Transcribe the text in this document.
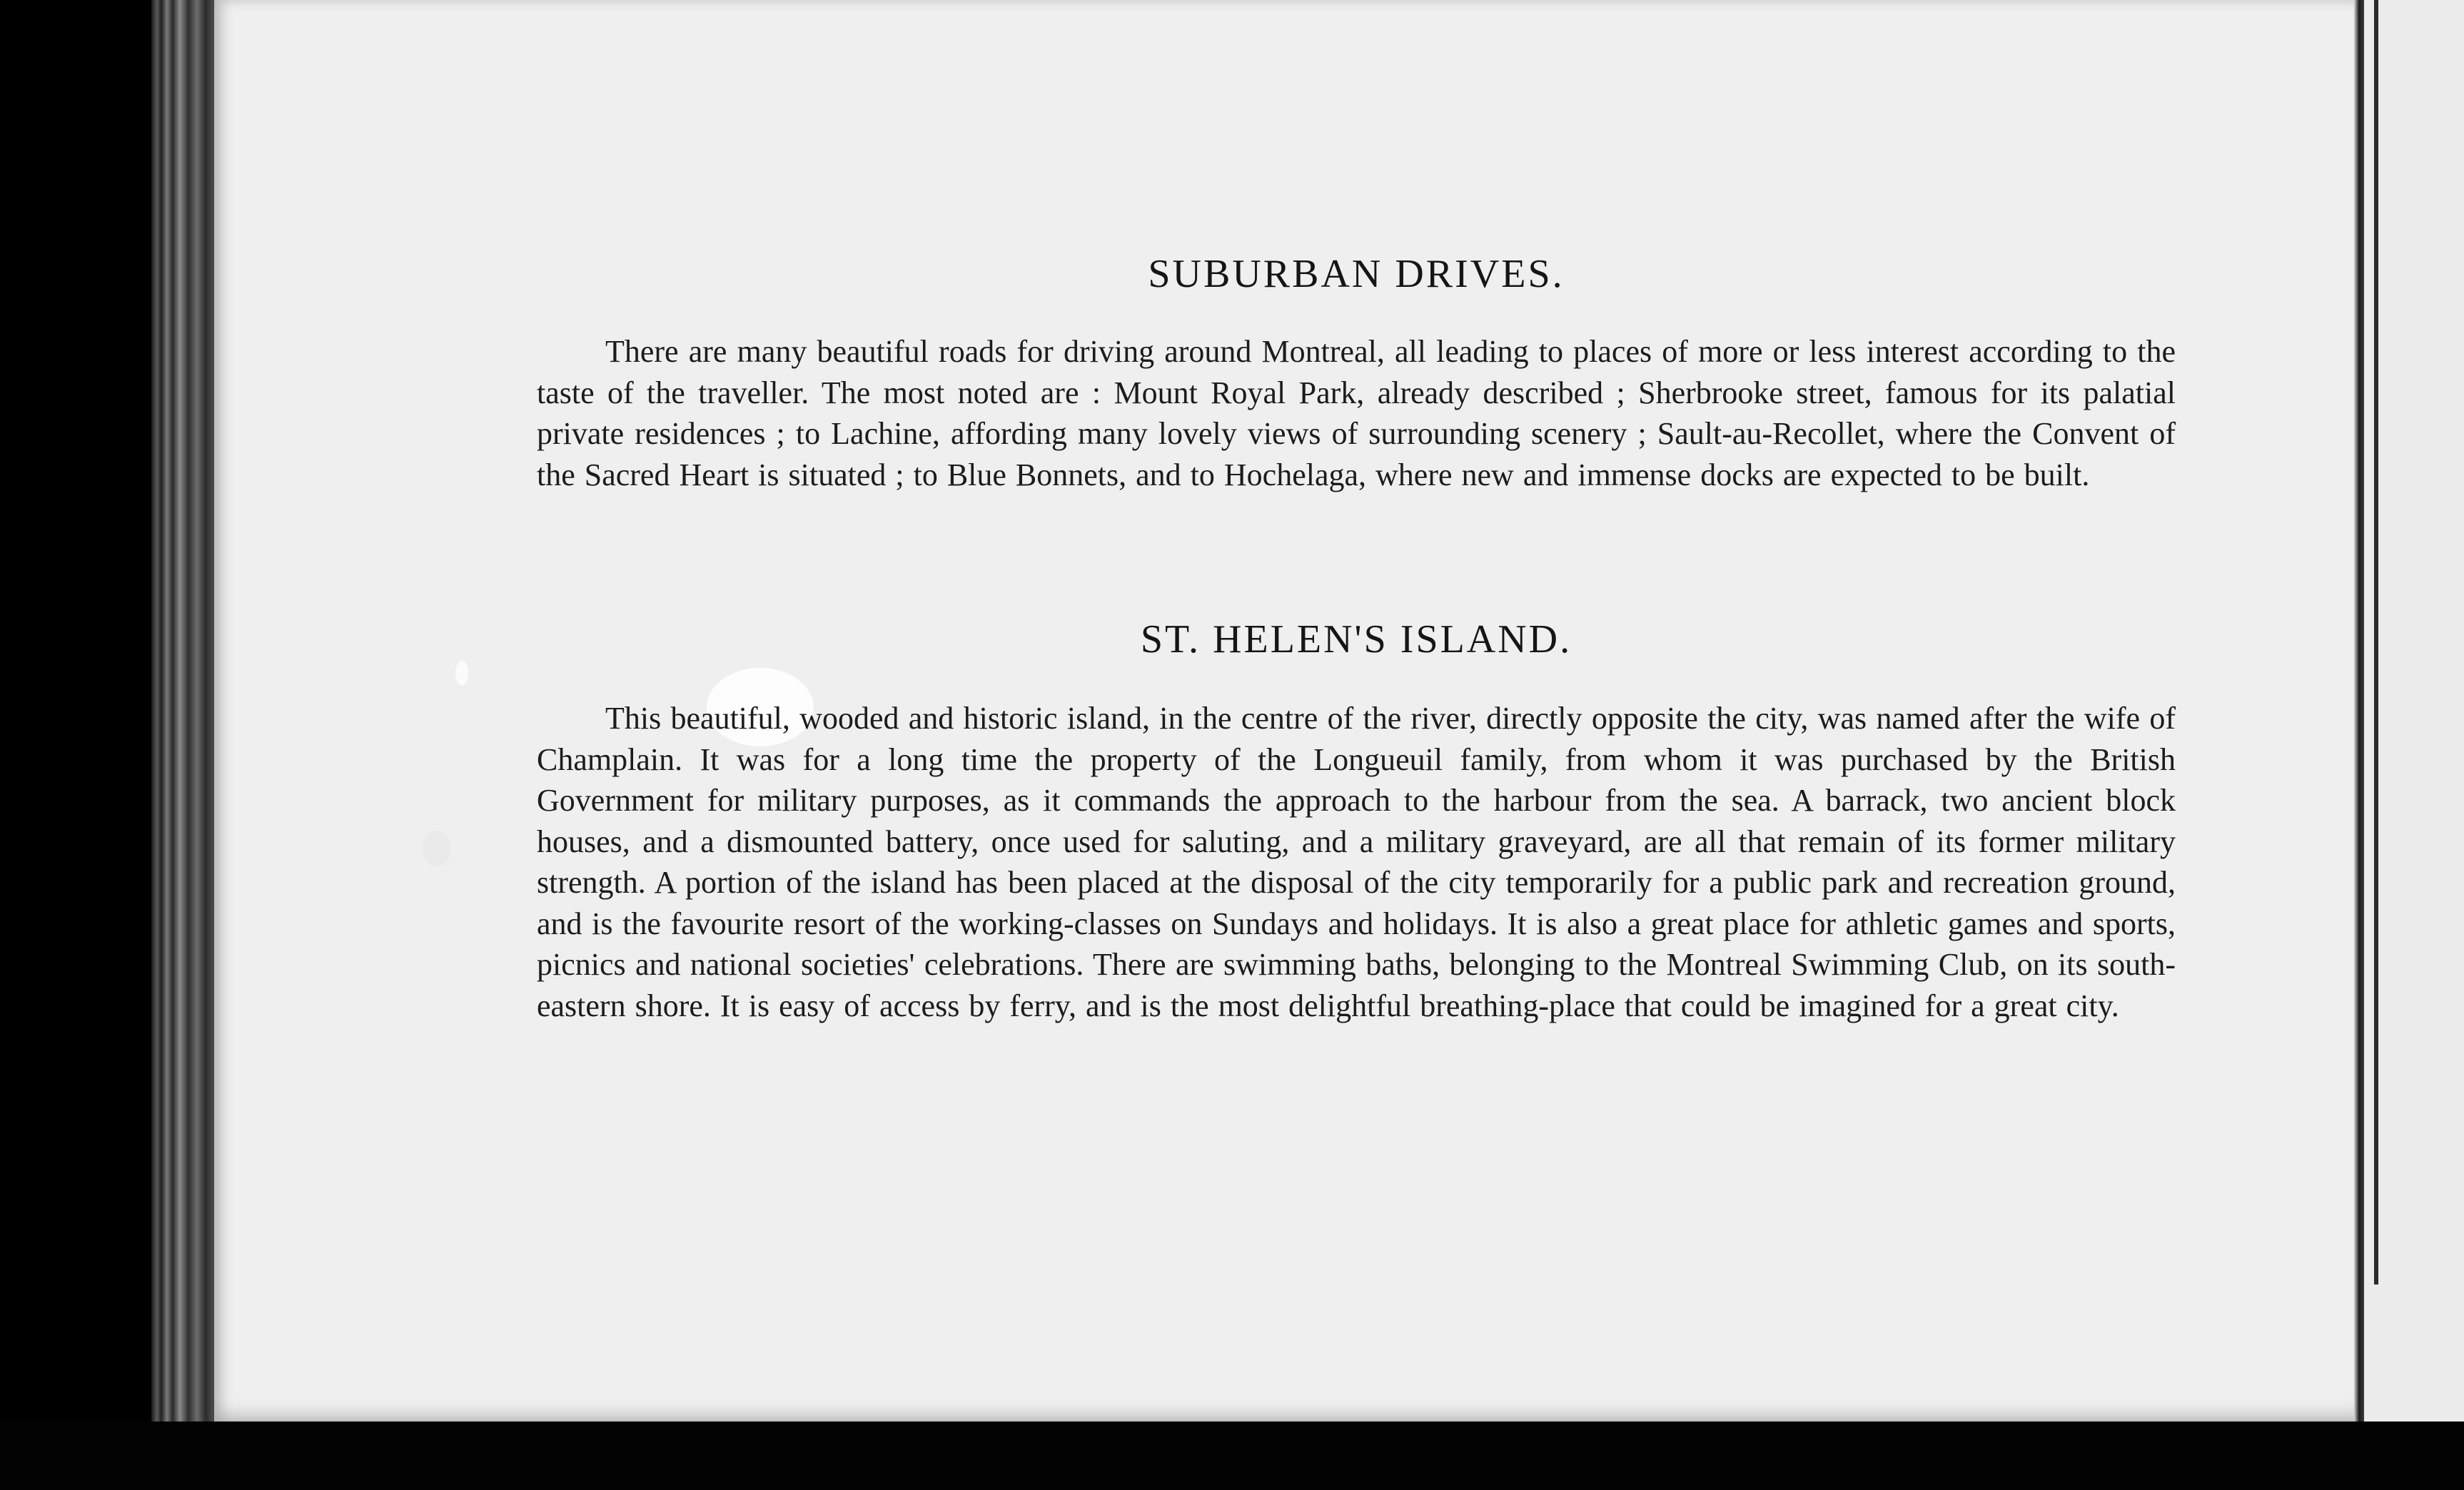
SUBURBAN DRIVES.

There are many beautiful roads for driving around Montreal, all leading to places of more or less interest according to the taste of the traveller. The most noted are : Mount Royal Park, already described ; Sherbrooke street, famous for its palatial private residences ; to Lachine, affording many lovely views of surrounding scenery ; Sault-au-Recollet, where the Convent of the Sacred Heart is situated ; to Blue Bonnets, and to Hochelaga, where new and immense docks are expected to be built.

ST. HELEN'S ISLAND.

This beautiful, wooded and historic island, in the centre of the river, directly opposite the city, was named after the wife of Champlain. It was for a long time the property of the Longueuil family, from whom it was purchased by the British Government for military purposes, as it commands the approach to the harbour from the sea. A barrack, two ancient block houses, and a dismounted battery, once used for saluting, and a military graveyard, are all that remain of its former military strength. A portion of the island has been placed at the disposal of the city temporarily for a public park and recreation ground, and is the favourite resort of the working-classes on Sundays and holidays. It is also a great place for athletic games and sports, picnics and national societies' celebrations. There are swimming baths, belonging to the Montreal Swimming Club, on its south-eastern shore. It is easy of access by ferry, and is the most delightful breathing-place that could be imagined for a great city.
